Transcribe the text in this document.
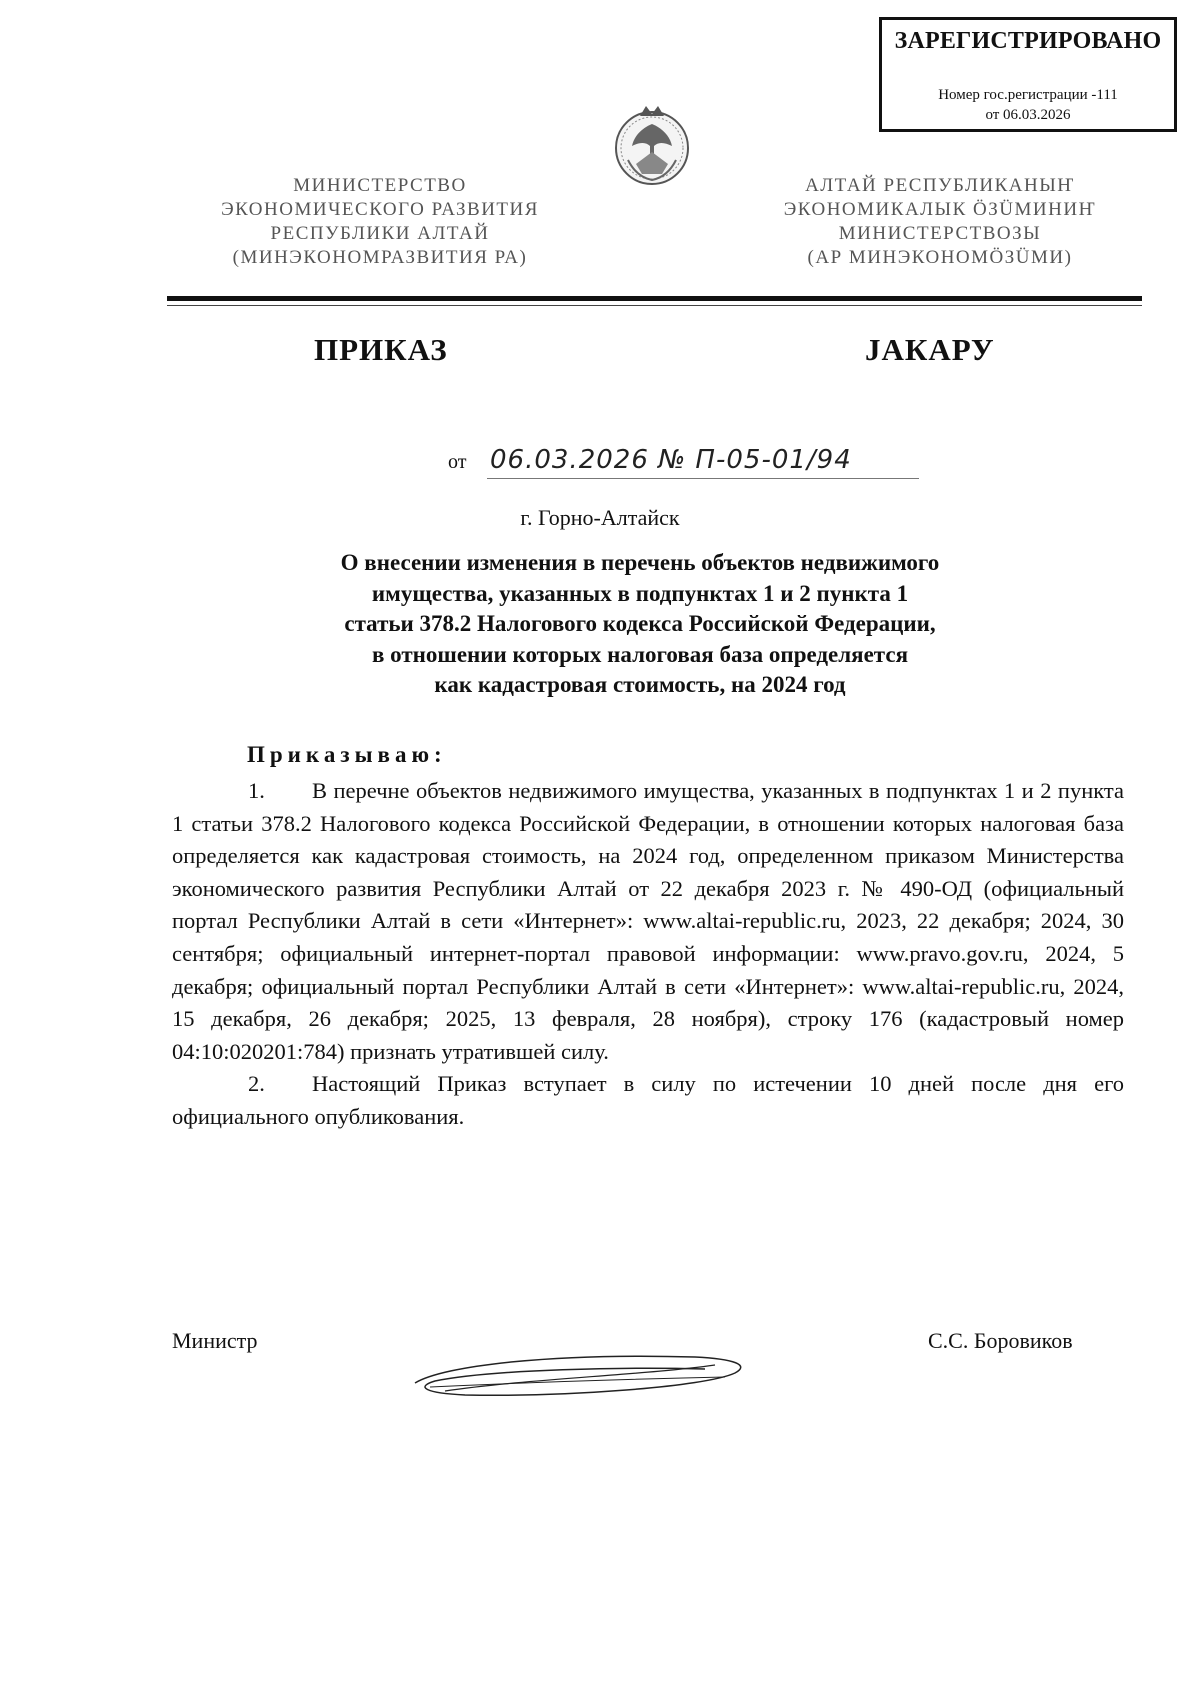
ЗАРЕГИСТРИРОВАНО
Номер гос.регистрации -111
от 06.03.2026
МИНИСТЕРСТВО
ЭКОНОМИЧЕСКОГО РАЗВИТИЯ
РЕСПУБЛИКИ АЛТАЙ
(МИНЭКОНОМРАЗВИТИЯ РА)
АЛТАЙ РЕСПУБЛИКАНЫҤ
ЭКОНОМИКАЛЫК ÖЗÜМИНИҤ
МИНИСТЕРСТВОЗЫ
(АР МИНЭКОНОМÖЗÜМИ)
ПРИКАЗ	JАКАРУ
от 06.03.2026 № П-05-01/94
г. Горно-Алтайск
О внесении изменения в перечень объектов недвижимого
имущества, указанных в подпунктах 1 и 2 пункта 1
статьи 378.2 Налогового кодекса Российской Федерации,
в отношении которых налоговая база определяется
как кадастровая стоимость, на 2024 год
Приказываю:

1. В перечне объектов недвижимого имущества, указанных в подпунктах 1 и 2 пункта 1 статьи 378.2 Налогового кодекса Российской Федерации, в отношении которых налоговая база определяется как кадастровая стоимость, на 2024 год, определенном приказом Министерства экономического развития Республики Алтай от 22 декабря 2023 г. № 490-ОД (официальный портал Республики Алтай в сети «Интернет»: www.altai-republic.ru, 2023, 22 декабря; 2024, 30 сентября; официальный интернет-портал правовой информации: www.pravo.gov.ru, 2024, 5 декабря; официальный портал Республики Алтай в сети «Интернет»: www.altai-republic.ru, 2024, 15 декабря, 26 декабря; 2025, 13 февраля, 28 ноября), строку 176 (кадастровый номер 04:10:020201:784) признать утратившей силу.

2. Настоящий Приказ вступает в силу по истечении 10 дней после дня его официального опубликования.

Министр	С.С. Боровиков
